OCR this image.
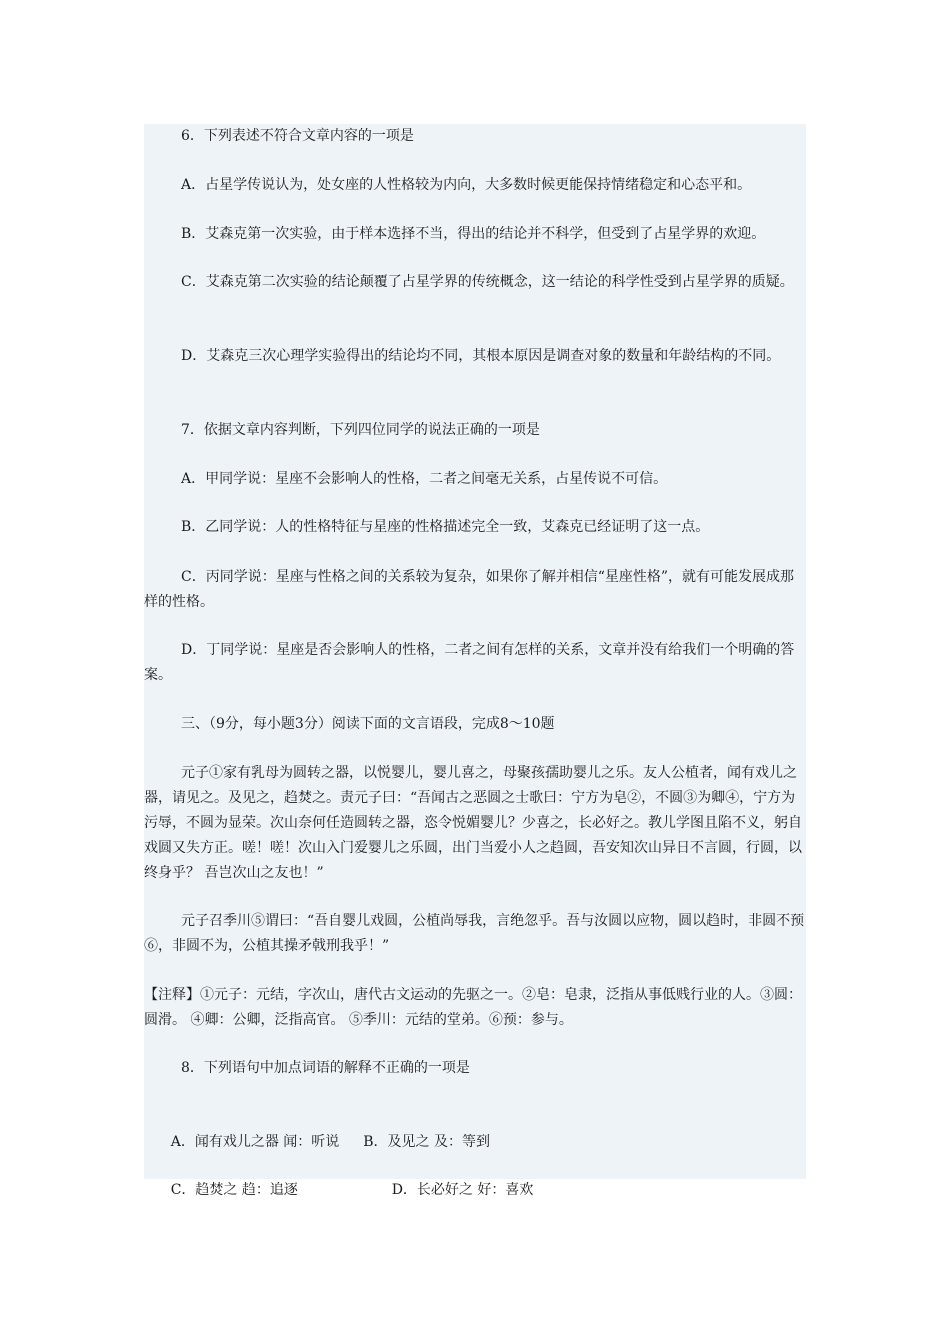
6．下列表述不符合文章内容的一项是

A．占星学传说认为，处女座的人性格较为内向，大多数时候更能保持情绪稳定和心态平和。

B．艾森克第一次实验，由于样本选择不当，得出的结论并不科学，但受到了占星学界的欢迎。

C．艾森克第二次实验的结论颠覆了占星学界的传统概念，这一结论的科学性受到占星学界的质疑。

D．艾森克三次心理学实验得出的结论均不同，其根本原因是调查对象的数量和年龄结构的不同。

7．依据文章内容判断，下列四位同学的说法正确的一项是

A．甲同学说：星座不会影响人的性格，二者之间毫无关系，占星传说不可信。

B．乙同学说：人的性格特征与星座的性格描述完全一致，艾森克已经证明了这一点。

C．丙同学说：星座与性格之间的关系较为复杂，如果你了解并相信“星座性格”，就有可能发展成那样的性格。

D．丁同学说：星座是否会影响人的性格，二者之间有怎样的关系，文章并没有给我们一个明确的答案。

三、（9分，每小题3分）阅读下面的文言语段，完成8～10题

元子①家有乳母为圆转之器，以悦婴儿，婴儿喜之，母聚孩孺助婴儿之乐。友人公植者，闻有戏儿之器，请见之。及见之，趋焚之。责元子曰：“吾闻古之恶圆之士歌曰：宁方为皂②，不圆③为卿④，宁方为污辱，不圆为显荣。次山奈何任造圆转之器，恣令悦媚婴儿？少喜之，长必好之。教儿学图且陷不义，躬自戏圆又失方正。嗟！嗟！次山入门爱婴儿之乐圆，出门当爱小人之趋圆，吾安知次山异日不言圆，行圆，以终身乎？ 吾岂次山之友也！”

元子召季川⑤谓曰：“吾自婴儿戏圆，公植尚辱我，言绝忽乎。吾与汝圆以应物，圆以趋时，非圆不预⑥，非圆不为，公植其操矛戟刑我乎！”

【注释】①元子：元结，字次山，唐代古文运动的先驱之一。②皂：皂隶，泛指从事低贱行业的人。③圆：圆滑。 ④卿：公卿，泛指高官。 ⑤季川：元结的堂弟。⑥预：参与。

8．下列语句中加点词语的解释不正确的一项是

A．闻有戏儿之器 闻：听说 B．及见之 及：等到

C．趋焚之 趋：追逐	D．长必好之 好：喜欢
